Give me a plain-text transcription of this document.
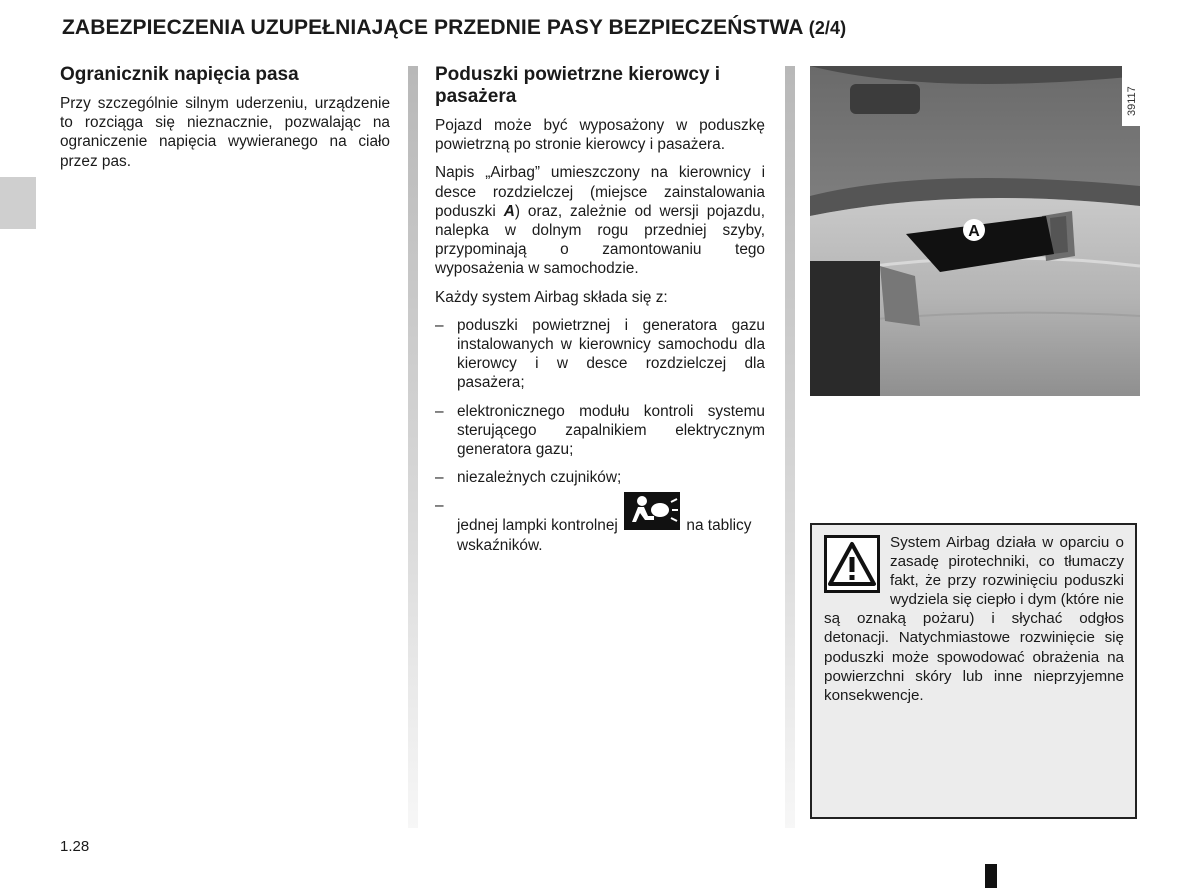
ZABEZPIECZENIA UZUPEŁNIAJĄCE PRZEDNIE PASY BEZPIECZEŃSTWA (2/4)
Ogranicznik napięcia pasa

Przy szczególnie silnym uderzeniu, urządzenie to rozciąga się nieznacznie, pozwalając na ograniczenie napięcia wywieranego na ciało przez pas.

Poduszki powietrzne kierowcy i pasażera

Pojazd może być wyposażony w poduszkę powietrzną po stronie kierowcy i pasażera.

Napis „Airbag” umieszczony na kierownicy i desce rozdzielczej (miejsce zainstalowania poduszki A) oraz, zależnie od wersji pojazdu, nalepka w dolnym rogu przedniej szyby, przypominają o zamontowaniu tego wyposażenia w samochodzie.

Każdy system Airbag składa się z:

– poduszki powietrznej i generatora gazu instalowanych w kierownicy samochodu dla kierowcy i w desce rozdzielczej dla pasażera;
– elektronicznego modułu kontroli systemu sterującego zapalnikiem elektrycznym generatora gazu;
– niezależnych czujników;
–
jednej lampki kontrolnej	na tablicy wskaźników.
A
39117
System Airbag działa w oparciu o zasadę pirotechniki, co tłumaczy fakt, że przy rozwinięciu poduszki wydziela się ciepło i dym (które nie są oznaką pożaru) i słychać odgłos detonacji. Natychmiastowe rozwinięcie się poduszki może spowodować obrażenia na powierzchni skóry lub inne nieprzyjemne konsekwencje.
1.28
